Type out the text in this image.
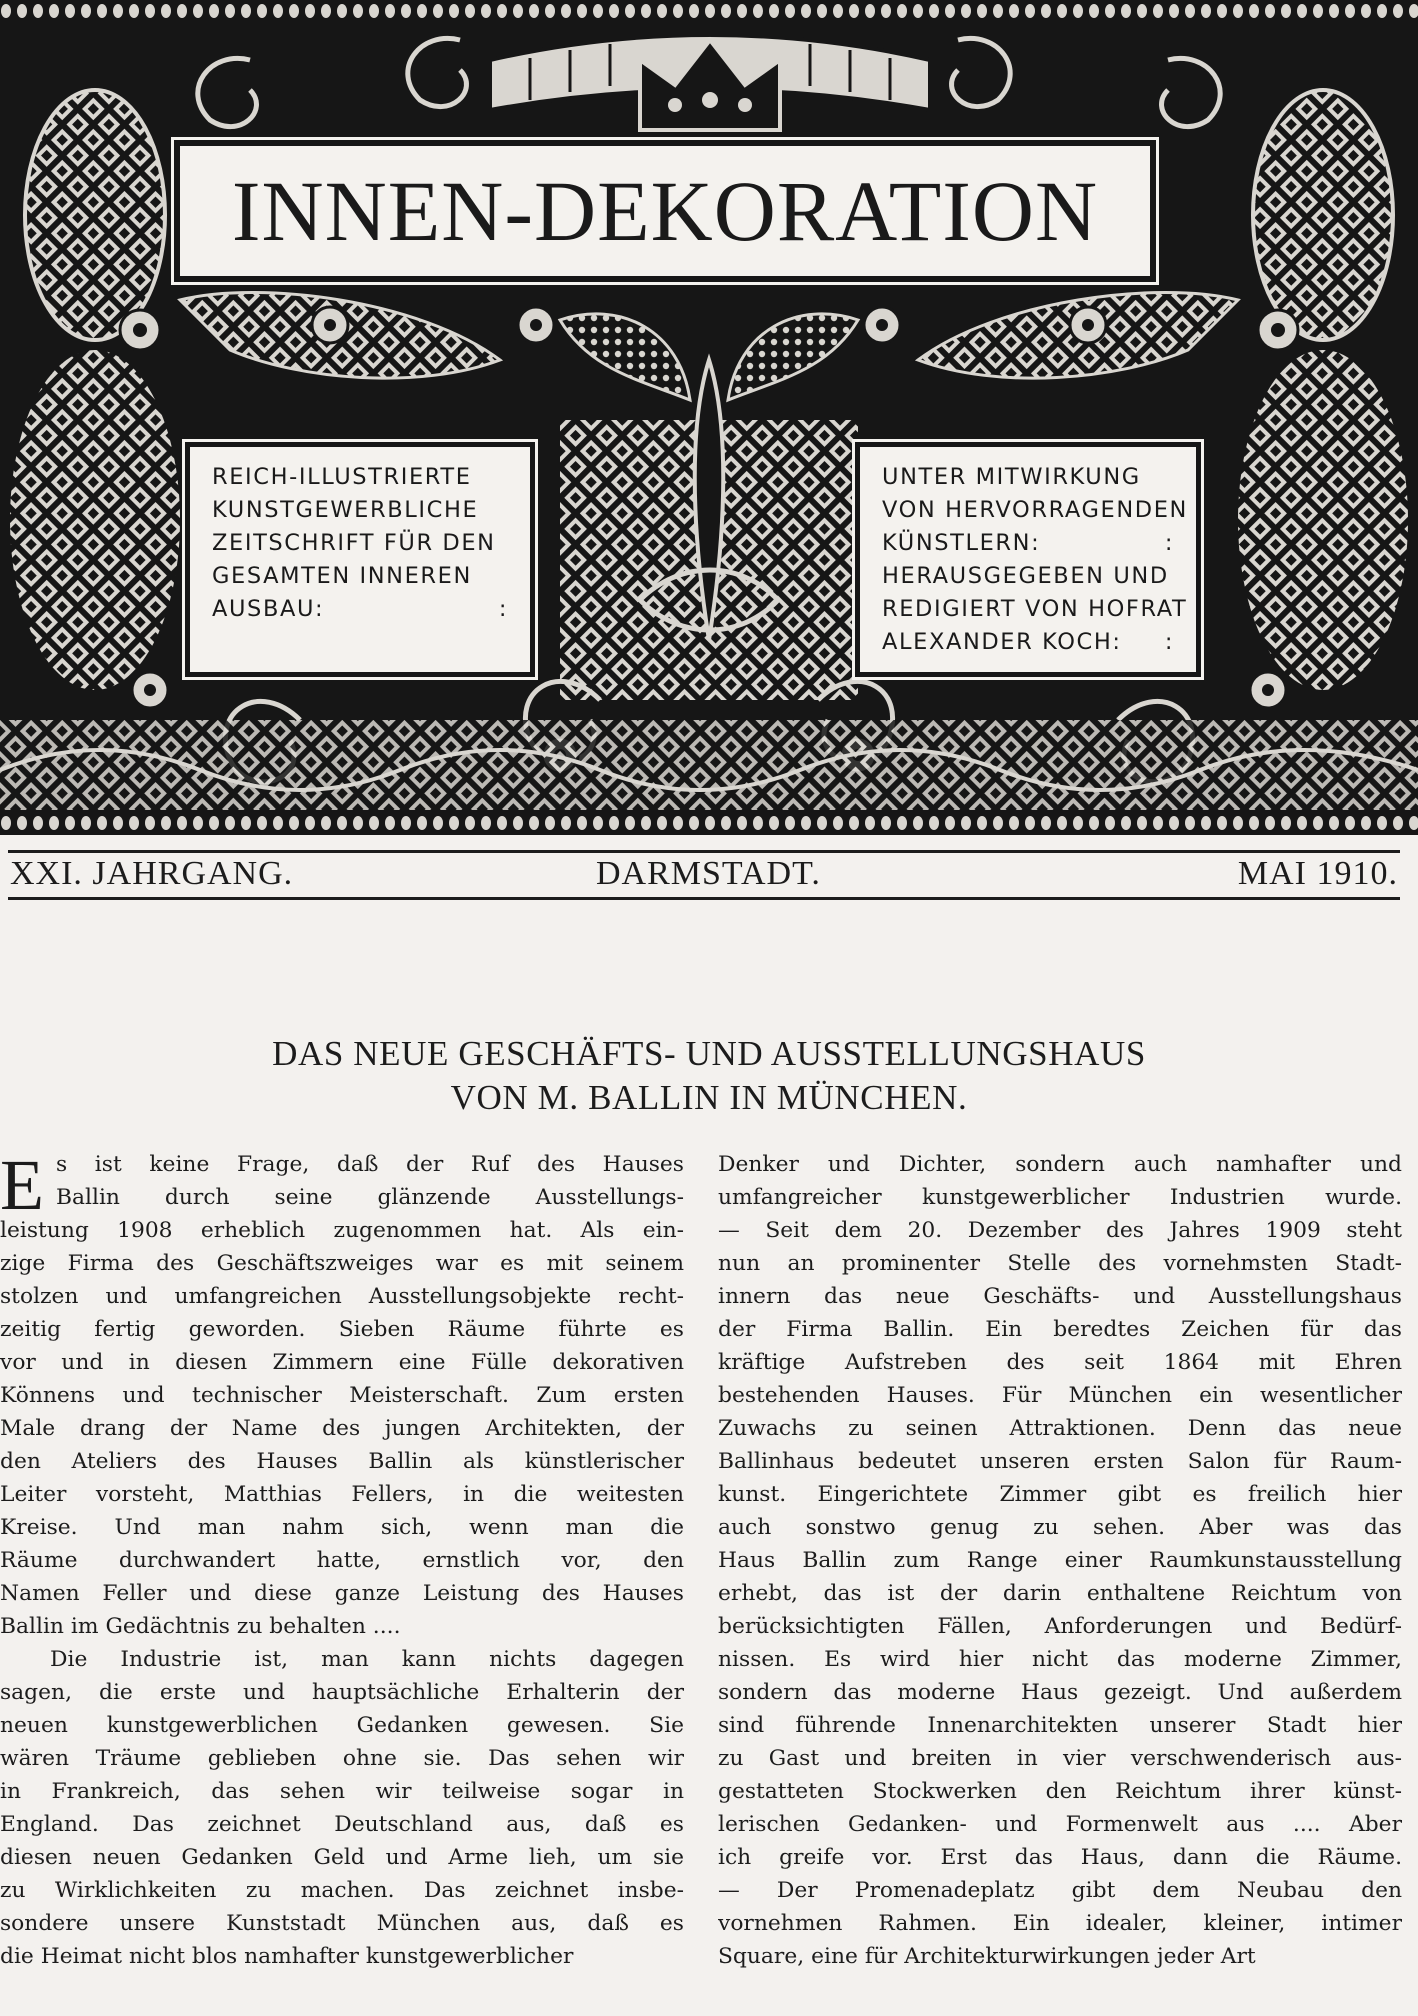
INNEN-DEKORATION
REICH-ILLUSTRIERTE
KUNSTGEWERBLICHE
ZEITSCHRIFT FÜR DEN
GESAMTEN INNEREN
AUSBAU:	:
UNTER MITWIRKUNG
VON HERVORRAGENDEN
KÜNSTLERN:	:
HERAUSGEGEBEN UND
REDIGIERT VON HOFRAT
ALEXANDER KOCH: :
XXI. JAHRGANG.	DARMSTADT.	MAI 1910.
DAS NEUE GESCHÄFTS- UND AUSSTELLUNGSHAUS
VON M. BALLIN IN MÜNCHEN.
E s ist keine Frage, daß der Ruf des Hauses
Ballin durch seine glänzende Ausstellungs-
leistung 1908 erheblich zugenommen hat. Als ein-
zige Firma des Geschäftszweiges war es mit seinem
stolzen und umfangreichen Ausstellungsobjekte recht-
zeitig fertig geworden. Sieben Räume führte es
vor und in diesen Zimmern eine Fülle dekorativen
Könnens und technischer Meisterschaft. Zum ersten
Male drang der Name des jungen Architekten, der
den Ateliers des Hauses Ballin als künstlerischer
Leiter vorsteht, Matthias Fellers, in die weitesten
Kreise. Und man nahm sich, wenn man die
Räume durchwandert hatte, ernstlich vor, den
Namen Feller und diese ganze Leistung des Hauses
Ballin im Gedächtnis zu behalten ....
Die Industrie ist, man kann nichts dagegen
sagen, die erste und hauptsächliche Erhalterin der
neuen kunstgewerblichen Gedanken gewesen. Sie
wären Träume geblieben ohne sie. Das sehen wir
in Frankreich, das sehen wir teilweise sogar in
England. Das zeichnet Deutschland aus, daß es
diesen neuen Gedanken Geld und Arme lieh, um sie
zu Wirklichkeiten zu machen. Das zeichnet insbe-
sondere unsere Kunststadt München aus, daß es
die Heimat nicht blos namhafter kunstgewerblicher
Denker und Dichter, sondern auch namhafter und
umfangreicher kunstgewerblicher Industrien wurde.
— Seit dem 20. Dezember des Jahres 1909 steht
nun an prominenter Stelle des vornehmsten Stadt-
innern das neue Geschäfts- und Ausstellungshaus
der Firma Ballin. Ein beredtes Zeichen für das
kräftige Aufstreben des seit 1864 mit Ehren
bestehenden Hauses. Für München ein wesentlicher
Zuwachs zu seinen Attraktionen. Denn das neue
Ballinhaus bedeutet unseren ersten Salon für Raum-
kunst. Eingerichtete Zimmer gibt es freilich hier
auch sonstwo genug zu sehen. Aber was das
Haus Ballin zum Range einer Raumkunstausstellung
erhebt, das ist der darin enthaltene Reichtum von
berücksichtigten Fällen, Anforderungen und Bedürf-
nissen. Es wird hier nicht das moderne Zimmer,
sondern das moderne Haus gezeigt. Und außerdem
sind führende Innenarchitekten unserer Stadt hier
zu Gast und breiten in vier verschwenderisch aus-
gestatteten Stockwerken den Reichtum ihrer künst-
lerischen Gedanken- und Formenwelt aus .... Aber
ich greife vor. Erst das Haus, dann die Räume.
— Der Promenadeplatz gibt dem Neubau den
vornehmen Rahmen. Ein idealer, kleiner, intimer
Square, eine für Architekturwirkungen jeder Art
